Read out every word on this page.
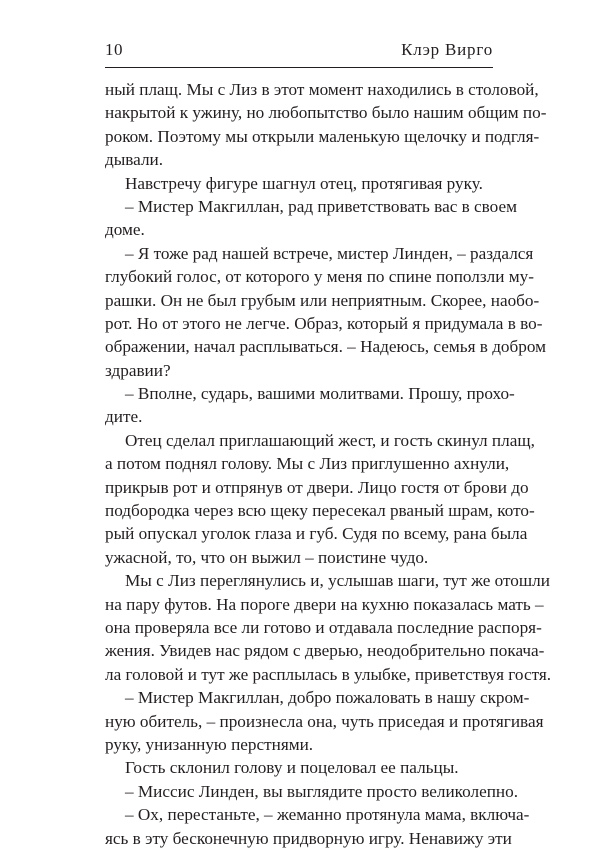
10	Клэр Вирго
ный плащ. Мы с Лиз в этот момент находились в столовой,
накрытой к ужину, но любопытство было нашим общим по-
роком. Поэтому мы открыли маленькую щелочку и подгля-
дывали.
Навстречу фигуре шагнул отец, протягивая руку.
– Мистер Макгиллан, рад приветствовать вас в своем
доме.
– Я тоже рад нашей встрече, мистер Линден, – раздался
глубокий голос, от которого у меня по спине поползли му-
рашки. Он не был грубым или неприятным. Скорее, наобо-
рот. Но от этого не легче. Образ, который я придумала в во-
ображении, начал расплываться. – Надеюсь, семья в добром
здравии?
– Вполне, сударь, вашими молитвами. Прошу, прохо-
дите.
Отец сделал приглашающий жест, и гость скинул плащ,
а потом поднял голову. Мы с Лиз приглушенно ахнули,
прикрыв рот и отпрянув от двери. Лицо гостя от брови до
подбородка через всю щеку пересекал рваный шрам, кото-
рый опускал уголок глаза и губ. Судя по всему, рана была
ужасной, то, что он выжил – поистине чудо.
Мы с Лиз переглянулись и, услышав шаги, тут же отошли
на пару футов. На пороге двери на кухню показалась мать –
она проверяла все ли готово и отдавала последние распоря-
жения. Увидев нас рядом с дверью, неодобрительно покача-
ла головой и тут же расплылась в улыбке, приветствуя гостя.
– Мистер Макгиллан, добро пожаловать в нашу скром-
ную обитель, – произнесла она, чуть приседая и протягивая
руку, унизанную перстнями.
Гость склонил голову и поцеловал ее пальцы.
– Миссис Линден, вы выглядите просто великолепно.
– Ох, перестаньте, – жеманно протянула мама, включа-
ясь в эту бесконечную придворную игру. Ненавижу эти
